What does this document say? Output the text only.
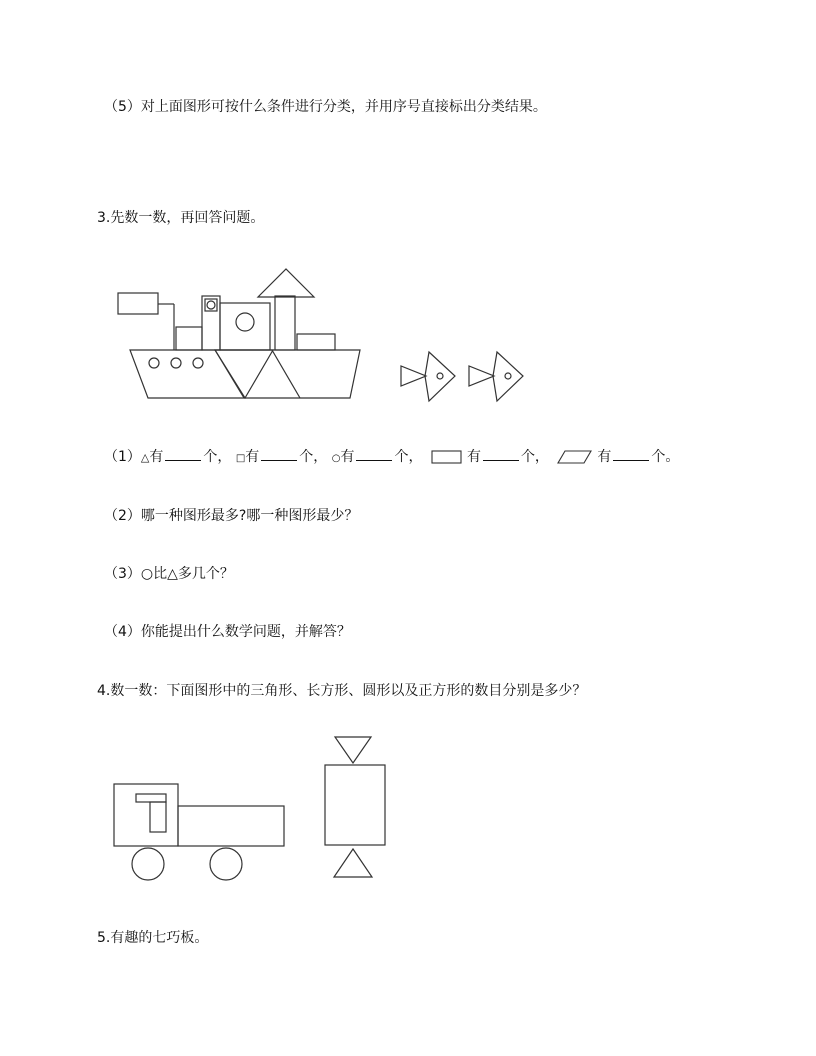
（5）对上面图形可按什么条件进行分类，并用序号直接标出分类结果。
3.先数一数，再回答问题。
（1）△有	个， □有	个， ○有	个，	有	个，	有	个。
（2）哪一种图形最多?哪一种图形最少？
（3）○比△多几个？
（4）你能提出什么数学问题，并解答？
4.数一数：下面图形中的三角形、长方形、圆形以及正方形的数目分别是多少？
5.有趣的七巧板。
